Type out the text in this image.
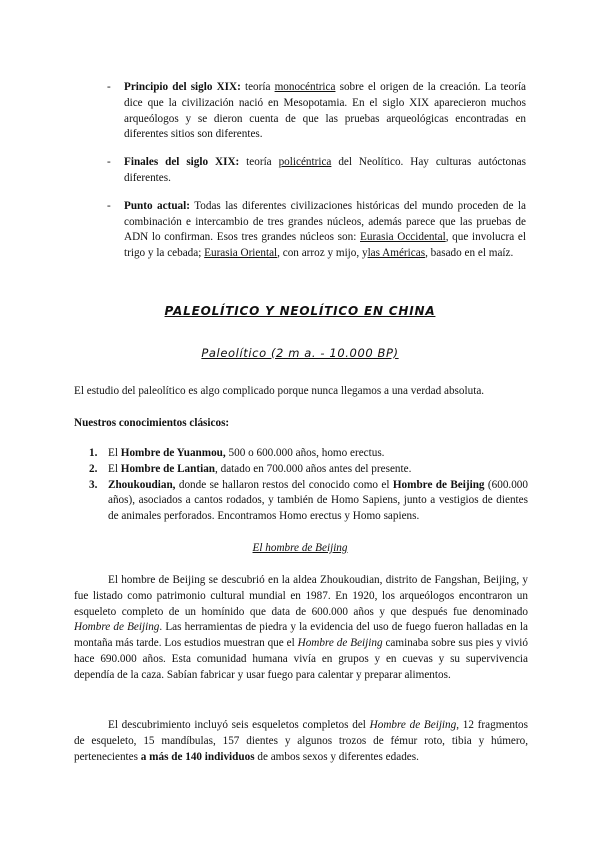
- Principio del siglo XIX: teoría monocéntrica sobre el origen de la creación. La teoría dice que la civilización nació en Mesopotamia. En el siglo XIX aparecieron muchos arqueólogos y se dieron cuenta de que las pruebas arqueológicas encontradas en diferentes sitios son diferentes.
- Finales del siglo XIX: teoría policéntrica del Neolítico. Hay culturas autóctonas diferentes.
- Punto actual: Todas las diferentes civilizaciones históricas del mundo proceden de la combinación e intercambio de tres grandes núcleos, además parece que las pruebas de ADN lo confirman. Esos tres grandes núcleos son: Eurasia Occidental, que involucra el trigo y la cebada; Eurasia Oriental, con arroz y mijo, ylas Américas, basado en el maíz.
PALEOLÍTICO Y NEOLÍTICO EN CHINA
Paleolítico (2 m a. - 10.000 BP)
El estudio del paleolítico es algo complicado porque nunca llegamos a una verdad absoluta.
Nuestros conocimientos clásicos:
1. El Hombre de Yuanmou, 500 o 600.000 años, homo erectus.
2. El Hombre de Lantian, datado en 700.000 años antes del presente.
3. Zhoukoudian, donde se hallaron restos del conocido como el Hombre de Beijing (600.000 años), asociados a cantos rodados, y también de Homo Sapiens, junto a vestigios de dientes de animales perforados. Encontramos Homo erectus y Homo sapiens.
El hombre de Beijing
El hombre de Beijing se descubrió en la aldea Zhoukoudian, distrito de Fangshan, Beijing, y fue listado como patrimonio cultural mundial en 1987. En 1920, los arqueólogos encontraron un esqueleto completo de un homínido que data de 600.000 años y que después fue denominado Hombre de Beijing. Las herramientas de piedra y la evidencia del uso de fuego fueron halladas en la montaña más tarde. Los estudios muestran que el Hombre de Beijing caminaba sobre sus pies y vivió hace 690.000 años. Esta comunidad humana vivía en grupos y en cuevas y su supervivencia dependía de la caza. Sabían fabricar y usar fuego para calentar y preparar alimentos.
El descubrimiento incluyó seis esqueletos completos del Hombre de Beijing, 12 fragmentos de esqueleto, 15 mandíbulas, 157 dientes y algunos trozos de fémur roto, tibia y húmero, pertenecientes a más de 140 individuos de ambos sexos y diferentes edades.
